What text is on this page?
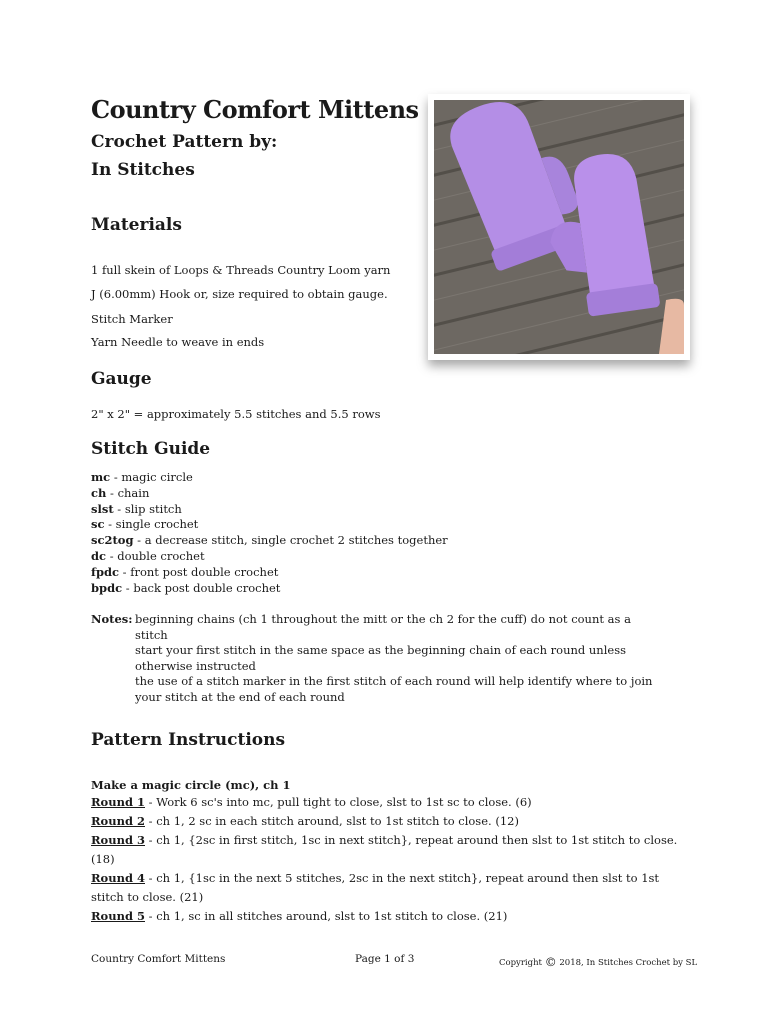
Country Comfort Mittens
Crochet Pattern by:
In Stitches
Materials
1 full skein of Loops & Threads Country Loom yarn
J (6.00mm) Hook or, size required to obtain gauge.
Stitch Marker
Yarn Needle to weave in ends
Gauge
2" x 2" = approximately 5.5 stitches and 5.5 rows
Stitch Guide
mc - magic circle
ch - chain
slst - slip stitch
sc - single crochet
sc2tog - a decrease stitch, single crochet 2 stitches together
dc - double crochet
fpdc - front post double crochet
bpdc - back post double crochet
Notes: beginning chains (ch 1 throughout the mitt or the ch 2 for the cuff) do not count as a
stitch
start your first stitch in the same space as the beginning chain of each round unless
otherwise instructed
the use of a stitch marker in the first stitch of each round will help identify where to join
your stitch at the end of each round
Pattern Instructions
Make a magic circle (mc), ch 1
Round 1 - Work 6 sc's into mc, pull tight to close, slst to 1st sc to close. (6)
Round 2 - ch 1, 2 sc in each stitch around, slst to 1st stitch to close. (12)
Round 3 - ch 1, {2sc in first stitch, 1sc in next stitch}, repeat around then slst to 1st stitch to close. (18)
Round 4 - ch 1, {1sc in the next 5 stitches, 2sc in the next stitch}, repeat around then slst to 1st stitch to close. (21)
Round 5 - ch 1, sc in all stitches around, slst to 1st stitch to close. (21)
Country Comfort Mittens	Page 1 of 3	Copyright © 2018, In Stitches Crochet by SL
